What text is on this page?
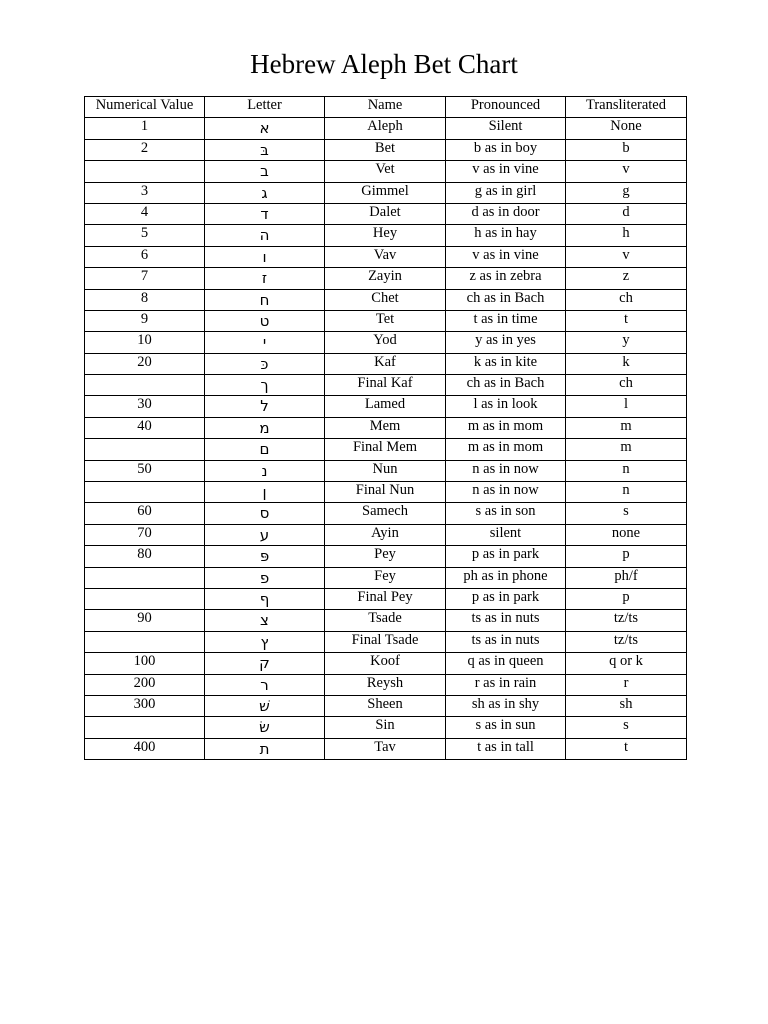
Hebrew Aleph Bet Chart
Numerical Value	Letter	Name	Pronounced	Transliterated
1	א	Aleph	Silent	None
2	בּ	Bet	b as in boy	b
	ב	Vet	v as in vine	v
3	ג	Gimmel	g as in girl	g
4	ד	Dalet	d as in door	d
5	ה	Hey	h as in hay	h
6	ו	Vav	v as in vine	v
7	ז	Zayin	z as in zebra	z
8	ח	Chet	ch as in Bach	ch
9	ט	Tet	t as in time	t
10	י	Yod	y as in yes	y
20	כּ	Kaf	k as in kite	k
	ך	Final Kaf	ch as in Bach	ch
30	ל	Lamed	l as in look	l
40	מ	Mem	m as in mom	m
	ם	Final Mem	m as in mom	m
50	נ	Nun	n as in now	n
	ן	Final Nun	n as in now	n
60	ס	Samech	s as in son	s
70	ע	Ayin	silent	none
80	פּ	Pey	p as in park	p
	פ	Fey	ph as in phone	ph/f
	ף	Final Pey	p as in park	p
90	צ	Tsade	ts as in nuts	tz/ts
	ץ	Final Tsade	ts as in nuts	tz/ts
100	ק	Koof	q as in queen	q or k
200	ר	Reysh	r as in rain	r
300	שׁ	Sheen	sh as in shy	sh
	שׂ	Sin	s as in sun	s
400	ת	Tav	t as in tall	t
